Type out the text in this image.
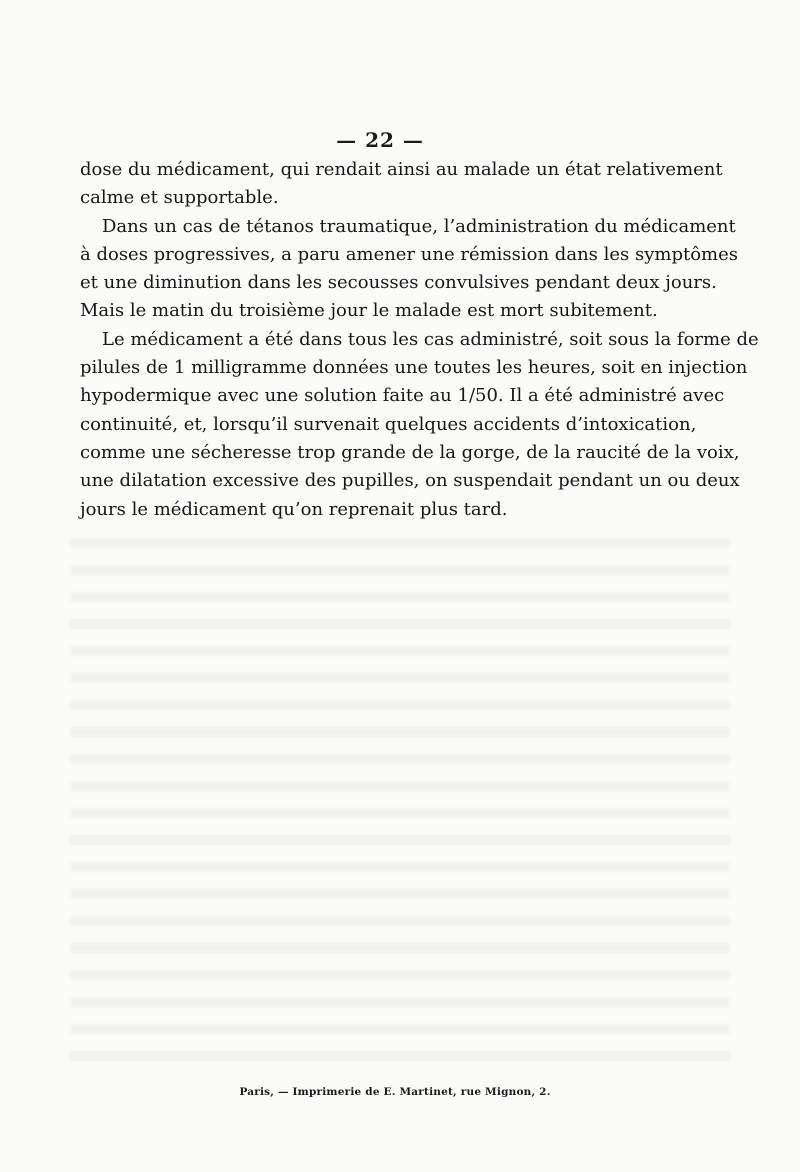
— 22 —

dose du médicament, qui rendait ainsi au malade un état relativement
calme et supportable.

Dans un cas de tétanos traumatique, l’administration du médicament
à doses progressives, a paru amener une rémission dans les symptômes
et une diminution dans les secousses convulsives pendant deux jours.
Mais le matin du troisième jour le malade est mort subitement.

Le médicament a été dans tous les cas administré, soit sous la forme de
pilules de 1 milligramme données une toutes les heures, soit en injection
hypodermique avec une solution faite au 1/50. Il a été administré avec
continuité, et, lorsqu’il survenait quelques accidents d’intoxication,
comme une sécheresse trop grande de la gorge, de la raucité de la voix,
une dilatation excessive des pupilles, on suspendait pendant un ou deux
jours le médicament qu’on reprenait plus tard.

Paris, — Imprimerie de E. Martinet, rue Mignon, 2.
